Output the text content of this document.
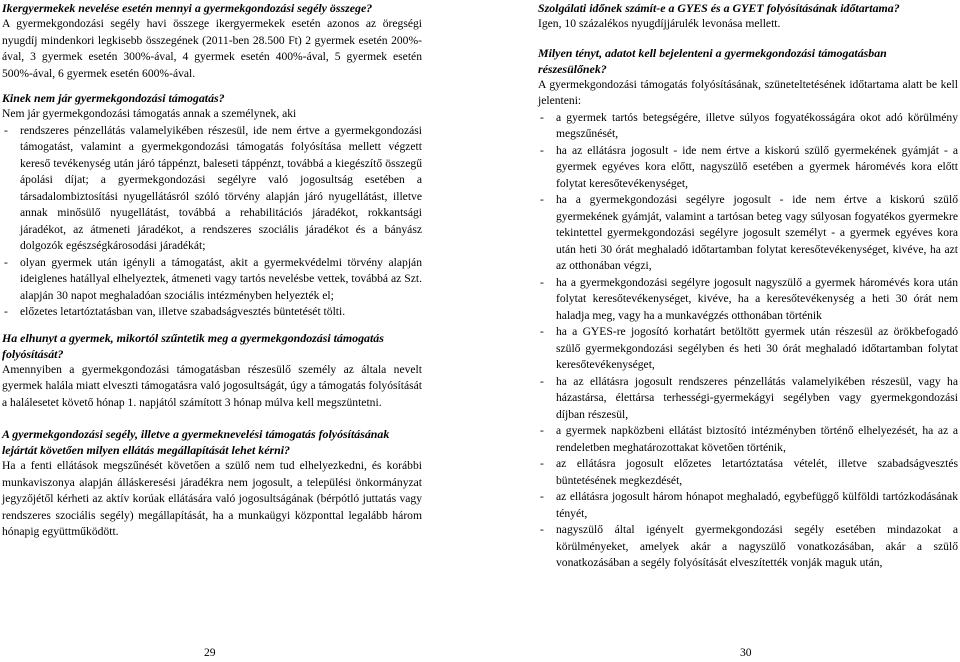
Ikergyermekek nevelése esetén mennyi a gyermekgondozási segély összege?

A gyermekgondozási segély havi összege ikergyermekek esetén azonos az öregségi nyugdíj mindenkori legkisebb összegének (2011-ben 28.500 Ft) 2 gyermek esetén 200%-ával, 3 gyermek esetén 300%-ával, 4 gyermek esetén 400%-ával, 5 gyermek esetén 500%-ával, 6 gyermek esetén 600%-ával.

Kinek nem jár gyermekgondozási támogatás?

Nem jár gyermekgondozási támogatás annak a személynek, aki

- rendszeres pénzellátás valamelyikében részesül, ide nem értve a gyermekgondozási támogatást, valamint a gyermekgondozási támogatás folyósítása mellett végzett kereső tevékenység után járó táppénzt, baleseti táppénzt, továbbá a kiegészítő összegű ápolási díjat; a gyermekgondozási segélyre való jogosultság esetében a társadalombiztosítási nyugellátásról szóló törvény alapján járó nyugellátást, illetve annak minősülő nyugellátást, továbbá a rehabilitációs járadékot, rokkantsági járadékot, az átmeneti járadékot, a rendszeres szociális járadékot és a bányász dolgozók egészségkárosodási járadékát;
- olyan gyermek után igényli a támogatást, akit a gyermekvédelmi törvény alapján ideiglenes hatállyal elhelyeztek, átmeneti vagy tartós nevelésbe vettek, továbbá az Szt. alapján 30 napot meghaladóan szociális intézményben helyezték el;
- előzetes letartóztatásban van, illetve szabadságvesztés büntetését tölti.

Ha elhunyt a gyermek, mikortól szűntetik meg a gyermekgondozási támogatás folyósítását?

Amennyiben a gyermekgondozási támogatásban részesülő személy az általa nevelt gyermek halála miatt elveszti támogatásra való jogosultságát, úgy a támogatás folyósítását a halálesetet követő hónap 1. napjától számított 3 hónap múlva kell megszüntetni.

A gyermekgondozási segély, illetve a gyermeknevelési támogatás folyósításának lejártát követően milyen ellátás megállapítását lehet kérni?

Ha a fenti ellátások megszűnését követően a szülő nem tud elhelyezkedni, és korábbi munkaviszonya alapján álláskeresési járadékra nem jogosult, a települési önkormányzat jegyzőjétől kérheti az aktív korúak ellátására való jogosultságának (bérpótló juttatás vagy rendszeres szociális segély) megállapítását, ha a munkaügyi központtal legalább három hónapig együttműködött.

29

Szolgálati időnek számít-e a GYES és a GYET folyósításának időtartama?

Igen, 10 százalékos nyugdíjjárulék levonása mellett.

Milyen tényt, adatot kell bejelenteni a gyermekgondozási támogatásban részesülőnek?

A gyermekgondozási támogatás folyósításának, szüneteltetésének időtartama alatt be kell jelenteni:

- a gyermek tartós betegségére, illetve súlyos fogyatékosságára okot adó körülmény megszűnését,
- ha az ellátásra jogosult - ide nem értve a kiskorú szülő gyermekének gyámját - a gyermek egyéves kora előtt, nagyszülő esetében a gyermek háromévés kora előtt folytat keresőtevékenységet,
- ha a gyermekgondozási segélyre jogosult - ide nem értve a kiskorú szülő gyermekének gyámját, valamint a tartósan beteg vagy súlyosan fogyatékos gyermekre tekintettel gyermekgondozási segélyre jogosult személyt - a gyermek egyéves kora után heti 30 órát meghaladó időtartamban folytat keresőtevékenységet, kivéve, ha azt az otthonában végzi,
- ha a gyermekgondozási segélyre jogosult nagyszülő a gyermek háromévés kora után folytat keresőtevékenységet, kivéve, ha a keresőtevékenység a heti 30 órát nem haladja meg, vagy ha a munkavégzés otthonában történik
- ha a GYES-re jogosító korhatárt betöltött gyermek után részesül az örökbefogadó szülő gyermekgondozási segélyben és heti 30 órát meghaladó időtartamban folytat keresőtevékenységet,
- ha az ellátásra jogosult rendszeres pénzellátás valamelyikében részesül, vagy ha házastársa, élettársa terhességi-gyermekágyi segélyben vagy gyermekgondozási díjban részesül,
- a gyermek napközbeni ellátást biztosító intézményben történő elhelyezését, ha az a rendeletben meghatározottakat követően történik,
- az ellátásra jogosult előzetes letartóztatása vételét, illetve szabadságvesztés büntetésének megkezdését,
- az ellátásra jogosult három hónapot meghaladó, egybefüggő külföldi tartózkodásának tényét,
- nagyszülő által igényelt gyermekgondozási segély esetében mindazokat a körülményeket, amelyek akár a nagyszülő vonatkozásában, akár a szülő vonatkozásában a segély folyósítását elveszítették vonják maguk után,
30
